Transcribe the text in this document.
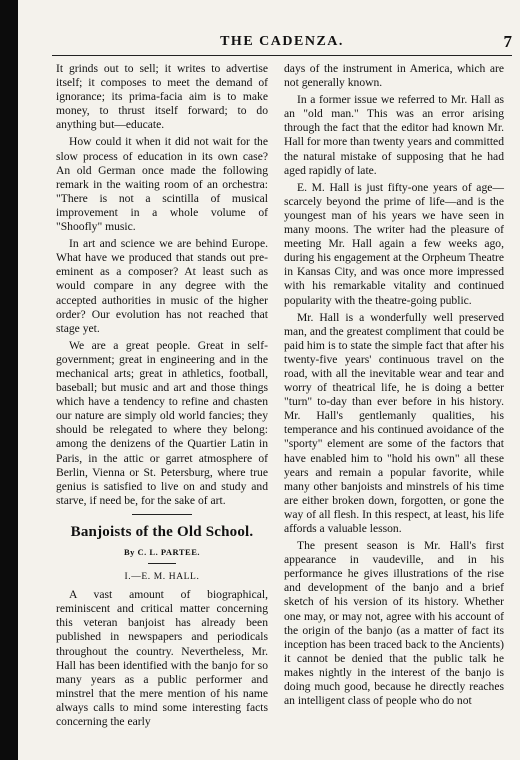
THE CADENZA.	7

It grinds out to sell; it writes to advertise itself; it composes to meet the demand of ignorance; its prima-facia aim is to make money, to thrust itself forward; to do anything but—educate.

How could it when it did not wait for the slow process of education in its own case? An old German once made the following remark in the waiting room of an orchestra: "There is not a scintilla of musical improvement in a whole volume of "Shoofly" music.

In art and science we are behind Europe. What have we produced that stands out pre-eminent as a composer? At least such as would compare in any degree with the accepted authorities in music of the higher order? Our evolution has not reached that stage yet.

We are a great people. Great in self-government; great in engineering and in the mechanical arts; great in athletics, football, baseball; but music and art and those things which have a tendency to refine and chasten our nature are simply old world fancies; they should be relegated to where they belong: among the denizens of the Quartier Latin in Paris, in the attic or garret atmosphere of Berlin, Vienna or St. Petersburg, where true genius is satisfied to live on and study and starve, if need be, for the sake of art.

Banjoists of the Old School.
By C. L. PARTEE.
I.—E. M. HALL.

A vast amount of biographical, reminiscent and critical matter concerning this veteran banjoist has already been published in newspapers and periodicals throughout the country. Nevertheless, Mr. Hall has been identified with the banjo for so many years as a public performer and minstrel that the mere mention of his name always calls to mind some interesting facts concerning the early

days of the instrument in America, which are not generally known.

In a former issue we referred to Mr. Hall as an "old man." This was an error arising through the fact that the editor had known Mr. Hall for more than twenty years and committed the natural mistake of supposing that he had aged rapidly of late.

E. M. Hall is just fifty-one years of age—scarcely beyond the prime of life—and is the youngest man of his years we have seen in many moons. The writer had the pleasure of meeting Mr. Hall again a few weeks ago, during his engagement at the Orpheum Theatre in Kansas City, and was once more impressed with his remarkable vitality and continued popularity with the theatre-going public.

Mr. Hall is a wonderfully well preserved man, and the greatest compliment that could be paid him is to state the simple fact that after his twenty-five years' continuous travel on the road, with all the inevitable wear and tear and worry of theatrical life, he is doing a better "turn" to-day than ever before in his history. Mr. Hall's gentlemanly qualities, his temperance and his continued avoidance of the "sporty" element are some of the factors that have enabled him to "hold his own" all these years and remain a popular favorite, while many other banjoists and minstrels of his time are either broken down, forgotten, or gone the way of all flesh. In this respect, at least, his life affords a valuable lesson.

The present season is Mr. Hall's first appearance in vaudeville, and in his performance he gives illustrations of the rise and development of the banjo and a brief sketch of his version of its history. Whether one may, or may not, agree with his account of the origin of the banjo (as a matter of fact its inception has been traced back to the Ancients) it cannot be denied that the public talk he makes nightly in the interest of the banjo is doing much good, because he directly reaches an intelligent class of people who do not
